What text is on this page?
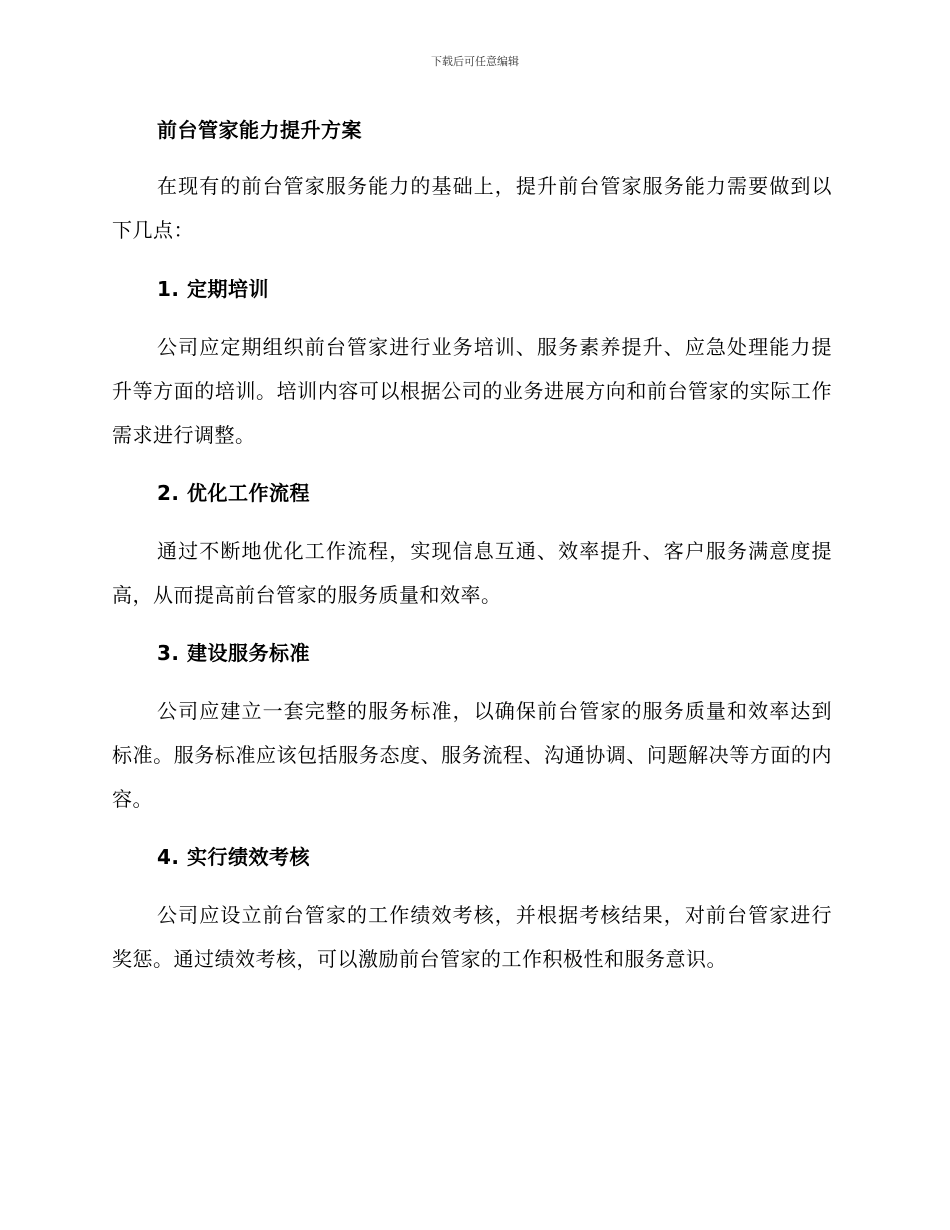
下载后可任意编辑
前台管家能力提升方案
在现有的前台管家服务能力的基础上，提升前台管家服务能力需要做到以下几点：
1. 定期培训
公司应定期组织前台管家进行业务培训、服务素养提升、应急处理能力提升等方面的培训。培训内容可以根据公司的业务进展方向和前台管家的实际工作需求进行调整。
2. 优化工作流程
通过不断地优化工作流程，实现信息互通、效率提升、客户服务满意度提高，从而提高前台管家的服务质量和效率。
3. 建设服务标准
公司应建立一套完整的服务标准，以确保前台管家的服务质量和效率达到标准。服务标准应该包括服务态度、服务流程、沟通协调、问题解决等方面的内容。
4. 实行绩效考核
公司应设立前台管家的工作绩效考核，并根据考核结果，对前台管家进行奖惩。通过绩效考核，可以激励前台管家的工作积极性和服务意识。
